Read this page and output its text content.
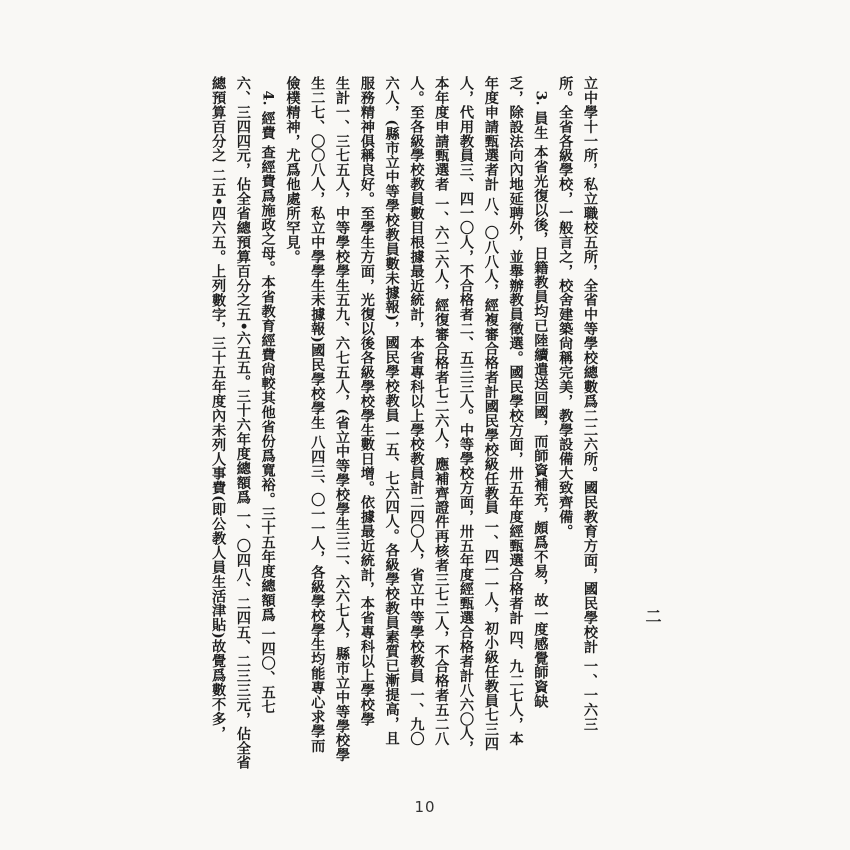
二
立中學十一所，私立職校五所，全省中等學校總數爲二二六所。國民教育方面，國民學校計 一、一六三
所。全省各級學校，一般言之，校舍建築尙稱完美，教學設備大致齊備。
　3. 員生 本省光復以後，日籍教員均已陸續遣送回國，而師資補充，頗爲不易，故一度感覺師資缺
乏，除設法向內地延聘外，並舉辦教員徵選。國民學校方面，卅五年度經甄選合格者計 四、九二七人，本
年度申請甄選者計 八、〇八八人，經複審合格者計國民學校級任教員 一、四一一人，初小級任教員七三四
人，代用教員三、四一〇人，不合格者二、五三三人。中等學校方面，卅五年度經甄選合格者計八六〇人，
本年度申請甄選者 一、六二六人，經復審合格者七二六人，應補齊證件再核者三七二人，不合格者五二八
人。至各級學校教員數目根據最近統計，本省專科以上學校教員計二四〇人，省立中等學校教員 一、九〇
六人，(縣市立中等學校教員數未據報)，國民學校教員 一五、七六四人。各級學校教員素質已漸提高，且
服務精神俱稱良好。至學生方面，光復以後各級學校學生數日增。依據最近統計，本省專科以上學校學
生計一、三七五人，中等學校學生五九、六七五人，(省立中等學校學生三二、六六七人，縣市立中等學校學
生二七、〇〇八人，私立中學學生未據報)國民學校學生 八四三、〇一一人，各級學校學生均能專心求學而
儉樸精神，尤爲他處所罕見。
　4. 經費 查經費爲施政之母。本省教育經費尙較其他省份爲寬裕。三十五年度總額爲 一四〇、五七
六、三四四元，佔全省總預算百分之五•六五五。三十六年度總額爲 一、〇四八、二四五、二三三元，佔全省
總預算百分之 二五•四六五。上列數字，三十五年度內未列人事費(即公教人員生活津貼)故覺爲數不多，
10
